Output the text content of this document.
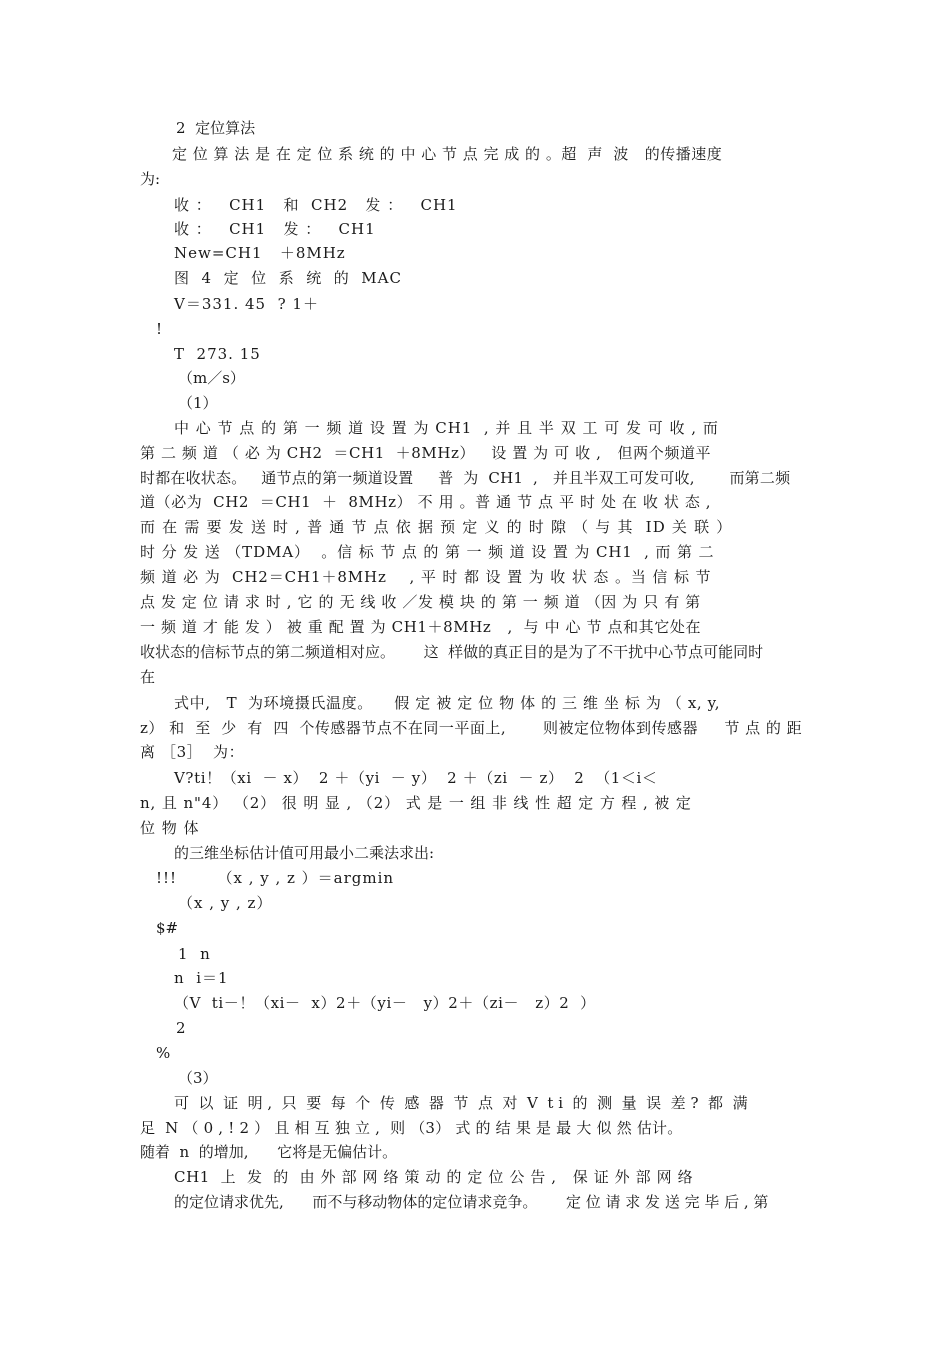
2  定位算法
定 位 算 法 是 在 定 位 系 统 的 中 心 节 点 完 成 的 。超  声  波   的传播速度
为:
收 ：   CH1   和  CH2   发 ：   CH1
收 ：   CH1   发 ：   CH1
New=CH1   ＋8MHz
图  4  定  位  系  统  的  MAC
V＝331. 45  ? 1＋
!
T  273. 15
（m／s）
（1）
中 心 节 点 的 第 一 频 道 设 置 为 CH1  , 并 且 半 双 工 可 发 可 收 , 而
第 二 频 道 （ 必 为 CH2  ＝CH1  ＋8MHz）   设 置 为 可 收 ,   但两个频道平
时都在收状态。   通节点的第一频道设置     普  为  CH1  ,   并且半双工可发可收,       而第二频
道（必为  CH2  ＝CH1  ＋  8MHz） 不 用 。普 通 节 点 平 时 处 在 收 状 态 ,
而 在 需 要 发 送 时 , 普 通 节 点 依 据 预 定 义 的 时 隙 （ 与 其  ID 关 联 ）
时 分 发 送 （TDMA）  。信 标 节 点 的 第 一 频 道 设 置 为 CH1  , 而 第 二
频 道 必 为  CH2＝CH1＋8MHz    , 平 时 都 设 置 为 收 状 态 。当 信 标 节
点 发 定 位 请 求 时 , 它 的 无 线 收 ／发 模 块 的 第 一 频 道 （因 为 只 有 第
一 频 道 才 能 发 ） 被 重 配 置 为 CH1＋8MHz   ,  与 中 心 节 点和其它处在
收状态的信标节点的第二频道相对应。      这  样做的真正目的是为了不干扰中心节点可能同时
在
式中,   T  为环境摄氏温度。    假 定 被 定 位 物 体 的 三 维 坐 标 为 （ x, y,
z） 和  至  少  有  四  个传感器节点不在同一平面上,       则被定位物体到传感器     节 点 的 距
离 ［3］  为：
V?ti！（xi  － x）  2 ＋（yi  － y）  2 ＋（zi  － z）  2  （1＜i＜
n, 且 n"4） （2） 很 明 显 , （2） 式 是 一 组 非 线 性 超 定 方 程 , 被 定
位 物 体
的三维坐标估计值可用最小二乘法求出:
!!!       （x , y , z ）＝argmin
（x , y , z）
$#
1  n
n  i＝1
（V  ti－！（xi－  x）2＋（yi－   y）2＋（zi－   z）2  ）
2
%
（3）
可  以  证  明 ,  只  要  每  个  传  感  器  节  点  对  V  t i  的  测  量  误  差 ?  都  满
足  N （ 0 , ! 2 ） 且 相 互 独 立 ,  则 （3） 式 的 结 果 是 最 大 似 然 估计。
随着  n  的增加,      它将是无偏估计。
CH1  上  发  的  由 外 部 网 络 策 动 的 定 位 公 告 ,   保 证 外 部 网 络
的定位请求优先,      而不与移动物体的定位请求竞争。      定 位 请 求 发 送 完 毕 后 , 第
